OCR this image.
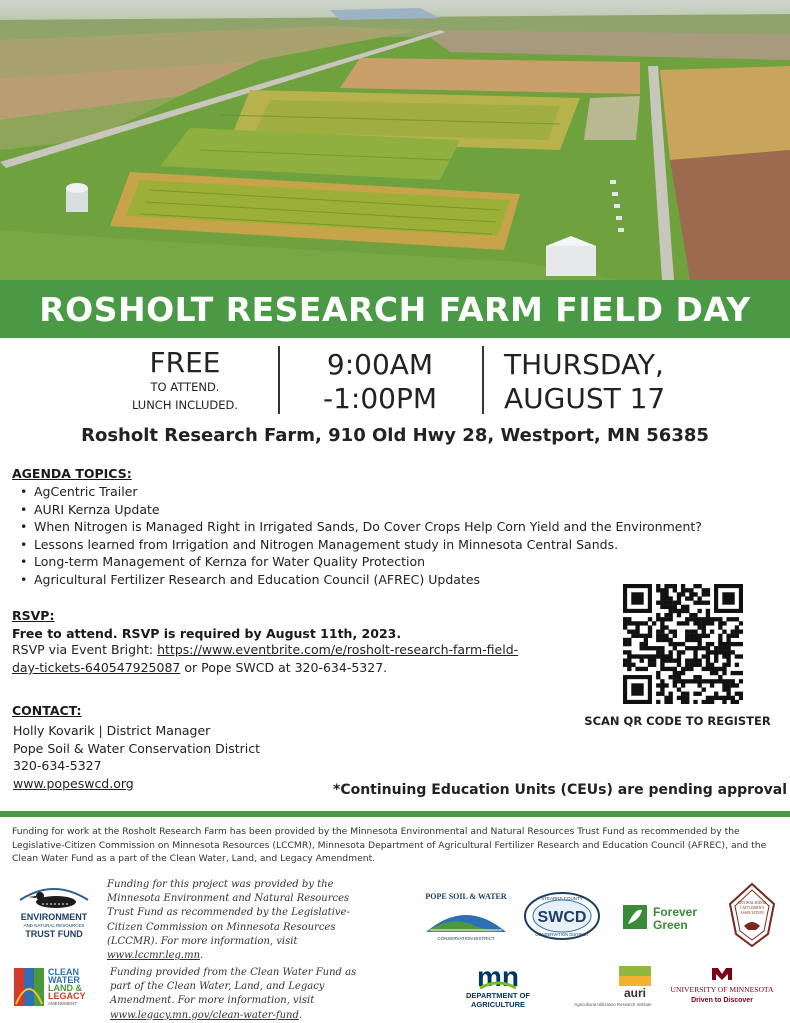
ROSHOLT RESEARCH FARM FIELD DAY
FREE
TO ATTEND.
LUNCH INCLUDED.
9:00AM
-1:00PM
THURSDAY,
AUGUST 17
Rosholt Research Farm, 910 Old Hwy 28, Westport, MN 56385
AGENDA TOPICS:
• AgCentric Trailer
• AURI Kernza Update
• When Nitrogen is Managed Right in Irrigated Sands, Do Cover Crops Help Corn Yield and the Environment?
• Lessons learned from Irrigation and Nitrogen Management study in Minnesota Central Sands.
• Long-term Management of Kernza for Water Quality Protection
• Agricultural Fertilizer Research and Education Council (AFREC) Updates
RSVP:
Free to attend. RSVP is required by August 11th, 2023.

RSVP via Event Bright: https://www.eventbrite.com/e/rosholt-research-farm-field-

day-tickets-640547925087 or Pope SWCD at 320-634-5327.

CONTACT:

Holly Kovarik | District Manager

Pope Soil & Water Conservation District

320-634-5327

www.popeswcd.org

SCAN QR CODE TO REGISTER
*Continuing Education Units (CEUs) are pending approval
Funding for work at the Rosholt Research Farm has been provided by the Minnesota Environmental and Natural Resources Trust Fund as recommended by the Legislative-Citizen Commission on Minnesota Resources (LCCMR), Minnesota Department of Agricultural Fertilizer Research and Education Council (AFREC), and the Clean Water Fund as a part of the Clean Water, Land, and Legacy Amendment.
ENVIRONMENT
AND NATURAL RESOURCES
TRUST FUND
Funding for this project was provided by the Minnesota Environment and Natural Resources Trust Fund as recommended by the Legislative-Citizen Commission on Minnesota Resources (LCCMR). For more information, visit www.lccmr.leg.mn.
CLEAN
WATER
LAND &
LEGACY
AMENDMENT
Funding provided from the Clean Water Fund as part of the Clean Water, Land, and Legacy Amendment. For more information, visit www.legacy.mn.gov/clean-water-fund.
POPE SOIL & WATER
CONSERVATION DISTRICT
STEARNS COUNTY
SWCD
CONSERVATION DISTRICT
Forever
Green
CENTRAL RIDGE
CATTLEMEN'S
ASSOCIATION
mn
DEPARTMENT OF
AGRICULTURE
auri
Agricultural Utilization Research Institute
UNIVERSITY OF MINNESOTA
Driven to Discover
